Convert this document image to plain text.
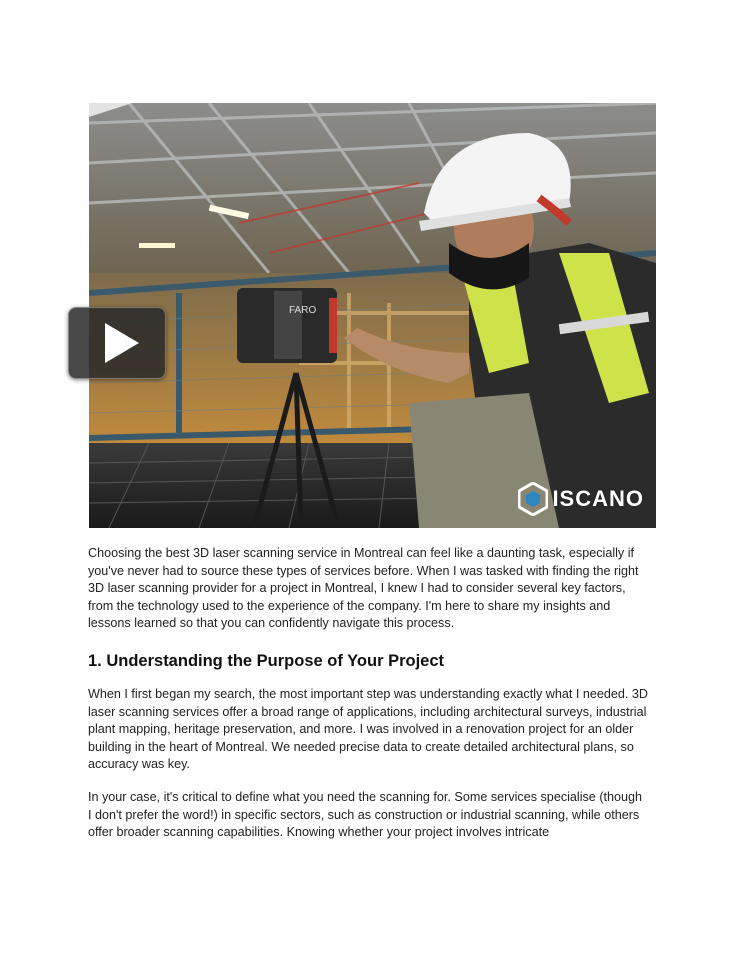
FARO
ISCANO

Choosing the best 3D laser scanning service in Montreal can feel like a daunting task, especially if you've never had to source these types of services before. When I was tasked with finding the right 3D laser scanning provider for a project in Montreal, I knew I had to consider several key factors, from the technology used to the experience of the company. I'm here to share my insights and lessons learned so that you can confidently navigate this process.

1. Understanding the Purpose of Your Project

When I first began my search, the most important step was understanding exactly what I needed. 3D laser scanning services offer a broad range of applications, including architectural surveys, industrial plant mapping, heritage preservation, and more. I was involved in a renovation project for an older building in the heart of Montreal. We needed precise data to create detailed architectural plans, so accuracy was key.

In your case, it's critical to define what you need the scanning for. Some services specialise (though I don't prefer the word!) in specific sectors, such as construction or industrial scanning, while others offer broader scanning capabilities. Knowing whether your project involves intricate
